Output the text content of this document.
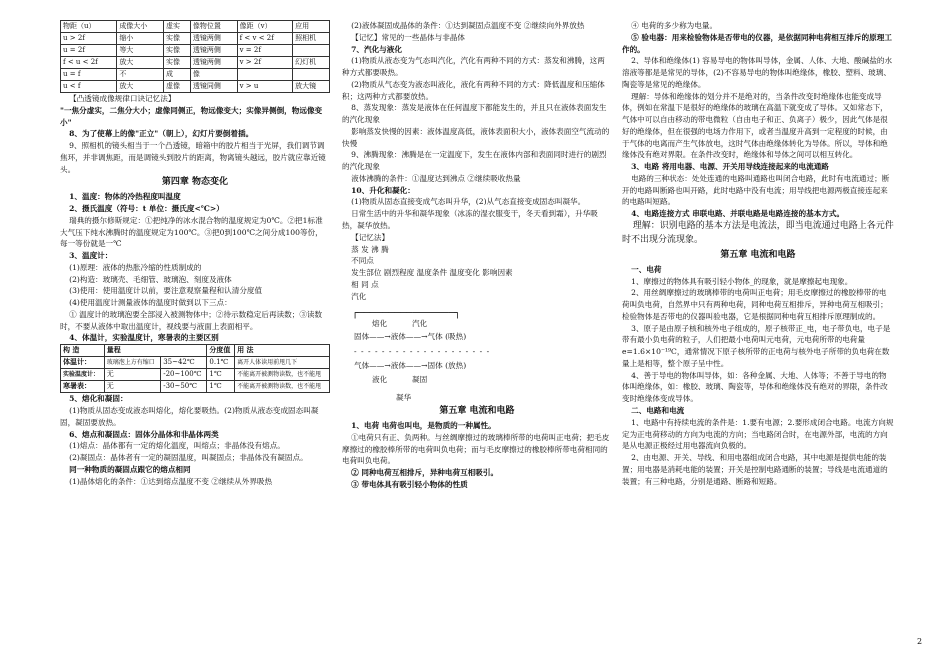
物距（u）	成像大小	虚实	像物位置	像距（v）	应用
u > 2f	缩小	实像	透镜两侧	f < v < 2f	照相机
u = 2f	等大	实像	透镜两侧	v = 2f	
f < u < 2f	放大	实像	透镜两侧	v > 2f	幻灯机
u = f	不	成	像		
u < f	放大	虚像	透镜同侧	v > u	放大镜

【凸透镜成像规律口诀记忆法】

"一焦分虚实，二焦分大小；虚像同侧正，物远像变大；实像异侧倒，物远像变小"

8、为了使幕上的像"正立"（朝上），幻灯片要倒着插。

9、照相机的镜头相当于一个凸透镜，暗箱中的胶片相当于光屏，我们调节调焦环，并非调焦距，而是调镜头到胶片的距离，物离镜头越远，胶片就应靠近镜头。

第四章 物态变化

1、温度：物体的冷热程度叫温度

2、摄氏温度（符号：t 单位：摄氏度<℃>）

瑞典的摄尔修斯规定：①把纯净的冰水混合物的温度规定为0℃。②把1标准大气压下纯水沸腾时的温度规定为100℃。③把0到100℃之间分成100等份，每一等份就是一℃

3、温度计：

(1)原理：液体的热胀冷缩的性质制成的

(2)构造：玻璃壳、毛细管、玻璃泡、刻度及液体

(3)使用：使用温度计以前，要注意观察量程和认清分度值

(4)使用温度计测量液体的温度时做到以下三点：

① 温度计的玻璃泡要全部浸入被测物体中；②待示数稳定后再读数；③读数时，不要从液体中取出温度计，视线要与液面上表面相平。

4、体温计，实验温度计，寒暑表的主要区别

构 造	量程		分度值	用 法
体温计：	玻璃泡上方有缩口	35~42℃	0.1℃	离开人体读用前甩几下
实验温度计：	无	-20~100℃	1℃	不能离开被测物读数，也不能甩
寒暑表：	无	-30~50℃	1℃	不能离开被测物读数，也不能甩

5、熔化和凝固：

(1)物质从固态变成液态叫熔化，熔化要吸热。(2)物质从液态变成固态叫凝固，凝固要放热。

6、熔点和凝固点：固体分晶体和非晶体两类

(1)熔点：晶体都有一定的熔化温度，叫熔点；非晶体没有熔点。

(2)凝固点：晶体者有一定的凝固温度，叫凝固点；非晶体没有凝固点。

同一种物质的凝固点跟它的熔点相同

(1)晶体熔化的条件：①达到熔点温度不变 ②继续从外界吸热

(2)液体凝固成晶体的条件：①达到凝固点温度不变 ②继续向外界放热

【记忆】常见的一些晶体与非晶体

7、汽化与液化

(1)物质从液态变为气态叫汽化，汽化有两种不同的方式：蒸发和沸腾，这两种方式都要吸热。

(2)物质从气态变为液态叫液化，液化有两种不同的方式：降低温度和压缩体积；这两种方式都要放热。

8、蒸发现象：蒸发是液体在任何温度下都能发生的，并且只在液体表面发生的汽化现象

影响蒸发快慢的因素：液体温度高低，液体表面积大小，液体表面空气流动的快慢

9、沸腾现象：沸腾是在一定温度下，发生在液体内部和表面同时进行的剧烈的汽化现象

液体沸腾的条件：①温度达到沸点 ②继续吸收热量

10、升化和凝化：

(1)物质从固态直接变成气态叫升华，(2)从气态直接变成固态叫凝华。

日常生活中的升华和凝华现象（冰冻的湿衣服变干，冬天看到霜），升华吸热，凝华放热。

【记忆法】

蒸 发 沸 腾

不同点

发生部位 剧烈程度 温度条件 温度变化 影响因素

相 同 点

汽化

┌────────────────┐
熔化	汽化
固体——→液体——→气体 (吸热)
- - - - - - - - - - - - - - - - - - - -
气体——→液体——→固体 (放热)
液化	凝固

凝华

第五章 电流和电路

1、电荷 电荷也叫电，是物质的一种属性。

①电荷只有正、负两种。与丝绸摩擦过的玻璃棒所带的电荷叫正电荷；把毛皮摩擦过的橡胶棒所带的电荷叫负电荷；而与毛皮摩擦过的橡胶棒所带电荷相同的电荷叫负电荷。

② 同种电荷互相排斥，异种电荷互相吸引。

③ 带电体具有吸引轻小物体的性质

④ 电荷的多少称为电量。

⑤ 验电器：用来检验物体是否带电的仪器，是依据同种电荷相互排斥的原理工作的。

2、导体和绝缘体(1) 容易导电的物体叫导体，金属、人体、大地、酸碱盐的水溶液等都是是常见的导体，(2)不容易导电的物体叫绝缘体，橡胶、塑料、玻璃、陶瓷等是常见的绝缘体。

理解：导体和绝缘体的划分并不是绝对的，当条件改变时绝缘体也能变成导体，例如在常温下是很好的绝缘体的玻璃在高温下就变成了导体。又如常态下，气体中可以自由移动的带电微粒（自由电子和正、负离子）极少，因此气体是很好的绝缘体，但在很强的电场力作用下，或者当温度升高到一定程度的时候，由于气体的电离而产生气体放电，这时气体由绝缘体转化为导体。所以，导体和绝缘体没有绝对界限。在条件改变时，绝缘体和导体之间可以相互转化。

3、电路 将用电器、电源、开关用导线连接起来的电流通路

电路的三种状态：处处连通的电路叫通路也叫闭合电路，此时有电流通过；断开的电路叫断路也叫开路，此时电路中没有电流；用导线把电源两极直接连起来的电路叫短路。

4、电路连接方式 串联电路、并联电路是电路连接的基本方式。

理解：识别电路的基本方法是电流法，即当电流通过电路上各元件时不出现分流现象。

第五章 电流和电路

一、电荷

1、摩擦过的物体具有吸引轻小物体_的现象，就是摩擦起电现象。

2、用丝绸摩擦过的玻璃棒带的电荷叫正电荷；用毛皮摩擦过的橡胶棒带的电荷叫负电荷，自然界中只有两种电荷，同种电荷互相排斥，异种电荷互相吸引；检验物体是否带电的仪器叫验电器，它是根据同种电荷互相排斥原理制成的。

3、原子是由原子核和核外电子组成的，原子核带正_电，电子带负电，电子是带有最小负电荷的粒子，人们把最小电荷叫元电荷，元电荷所带的电荷量e=1.6×10⁻¹⁹C，通常情况下原子核所带的正电荷与核外电子所带的负电荷在数量上是相等，整个原子呈中性。

4、善于导电的物体叫导体，如：各种金属、大地、人体等；不善于导电的物体叫绝缘体，如：橡胶、玻璃、陶瓷等，导体和绝缘体没有绝对的界限，条件改变时绝缘体变成导体。

二、电路和电流

1、电路中有持续电流的条件是：1.要有电源；2.要形成闭合电路。电流方向规定为正电荷移动的方向为电流的方向；当电路闭合时，在电源外部，电流的方向是从电源正极经过用电器流向负极的。

2、由电源、开关、导线、和用电器组成闭合电路，其中电源是提供电能的装置；用电器是消耗电能的装置；开关是控制电路通断的装置；导线是电流通道的装置；有三种电路，分别是通路、断路和短路。

2
